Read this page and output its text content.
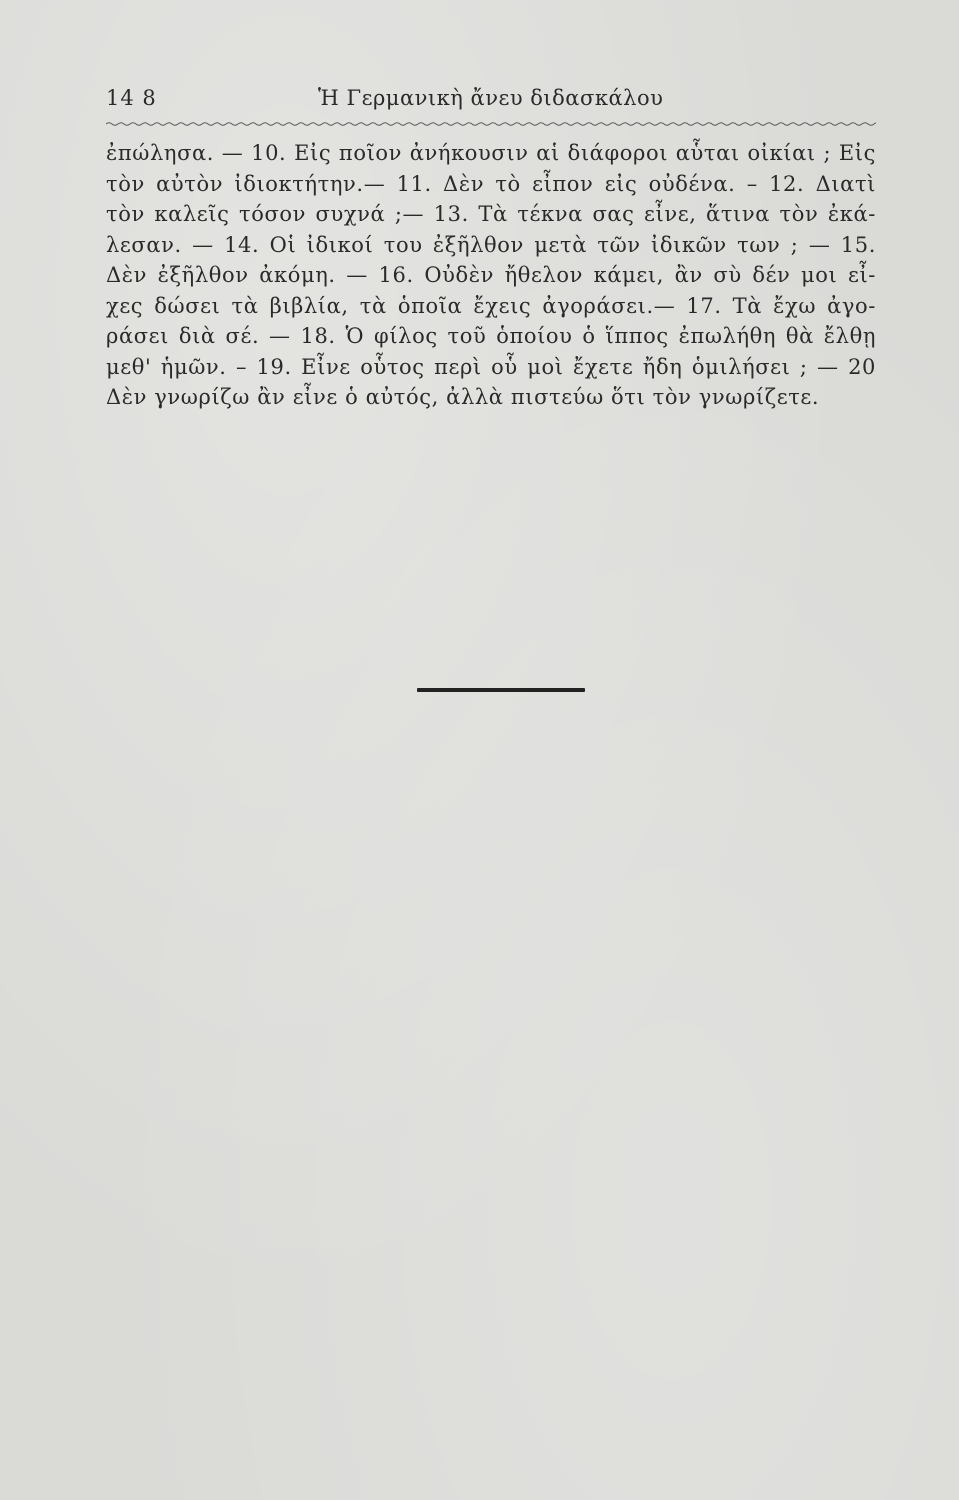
14 8	Ἡ Γερμανικὴ ἄνευ διδασκάλου
ἐπώλησα. — 10. Εἰς ποῖον ἀνήκουσιν αἱ διάφοροι αὗται οἰκίαι ; Εἰς
τὸν αὐτὸν ἰδιοκτήτην.— 11. Δὲν τὸ εἶπον εἰς οὐδένα. – 12. Διατὶ
τὸν καλεῖς τόσον συχνά ;— 13. Τὰ τέκνα σας εἶνε, ἅτινα τὸν ἐκά-
λεσαν. — 14. Οἱ ἰδικοί του ἐξῆλθον μετὰ τῶν ἰδικῶν των ; — 15.
Δὲν ἐξῆλθον ἀκόμη. — 16. Οὐδὲν ἤθελον κάμει, ἂν σὺ δέν μοι εἶ-
χες δώσει τὰ βιβλία, τὰ ὁποῖα ἔχεις ἀγοράσει.— 17. Τὰ ἔχω ἀγο-
ράσει διὰ σέ. — 18. Ὁ φίλος τοῦ ὁποίου ὁ ἵππος ἐπωλήθη θὰ ἔλθῃ
μεθ' ἡμῶν. – 19. Εἶνε οὗτος περὶ οὗ μοὶ ἔχετε ἤδη ὁμιλήσει ; — 20
Δὲν γνωρίζω ἂν εἶνε ὁ αὐτός, ἀλλὰ πιστεύω ὅτι τὸν γνωρίζετε.
